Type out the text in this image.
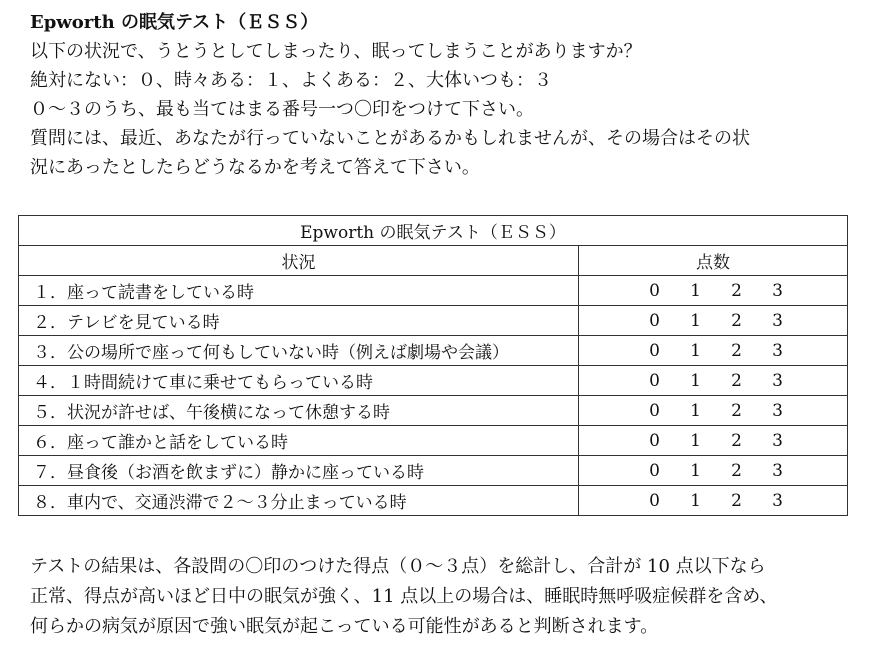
Epworth の眠気テスト（ＥＳＳ）

以下の状況で、うとうとしてしまったり、眠ってしまうことがありますか？

絶対にない：０、時々ある：１、よくある：２、大体いつも：３

０～３のうち、最も当てはまる番号一つ〇印をつけて下さい。

質問には、最近、あなたが行っていないことがあるかもしれませんが、その場合はその状

況にあったとしたらどうなるかを考えて答えて下さい。

Epworth の眠気テスト（ＥＳＳ）	
状況	点数
１．座って読書をしている時	0 1 2 3

２．テレビを見ている時	0 1 2 3

３．公の場所で座って何もしていない時（例えば劇場や会議）	0 1 2 3

４．１時間続けて車に乗せてもらっている時	0 1 2 3

５．状況が許せば、午後横になって休憩する時	0 1 2 3

６．座って誰かと話をしている時	0 1 2 3

７．昼食後（お酒を飲まずに）静かに座っている時	0 1 2 3

８．車内で、交通渋滞で２～３分止まっている時	0 1 2 3

テストの結果は、各設問の〇印のつけた得点（０～３点）を総計し、合計が 10 点以下なら

正常、得点が高いほど日中の眠気が強く、11 点以上の場合は、睡眠時無呼吸症候群を含め、

何らかの病気が原因で強い眠気が起こっている可能性があると判断されます。
